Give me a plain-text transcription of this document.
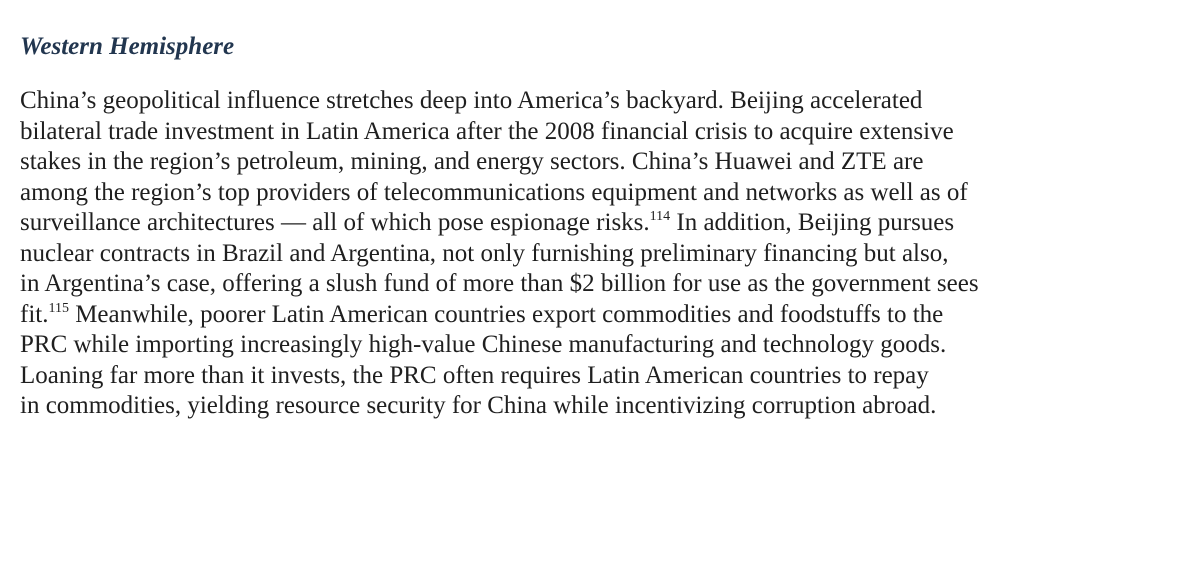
Western Hemisphere
China’s geopolitical influence stretches deep into America’s backyard. Beijing accelerated
bilateral trade investment in Latin America after the 2008 financial crisis to acquire extensive
stakes in the region’s petroleum, mining, and energy sectors. China’s Huawei and ZTE are
among the region’s top providers of telecommunications equipment and networks as well as of
surveillance architectures — all of which pose espionage risks.$^{114}$ In addition, Beijing pursues
nuclear contracts in Brazil and Argentina, not only furnishing preliminary financing but also,
in Argentina’s case, offering a slush fund of more than $2 billion for use as the government sees
fit.$^{115}$ Meanwhile, poorer Latin American countries export commodities and foodstuffs to the
PRC while importing increasingly high-value Chinese manufacturing and technology goods.
Loaning far more than it invests, the PRC often requires Latin American countries to repay
in commodities, yielding resource security for China while incentivizing corruption abroad.
